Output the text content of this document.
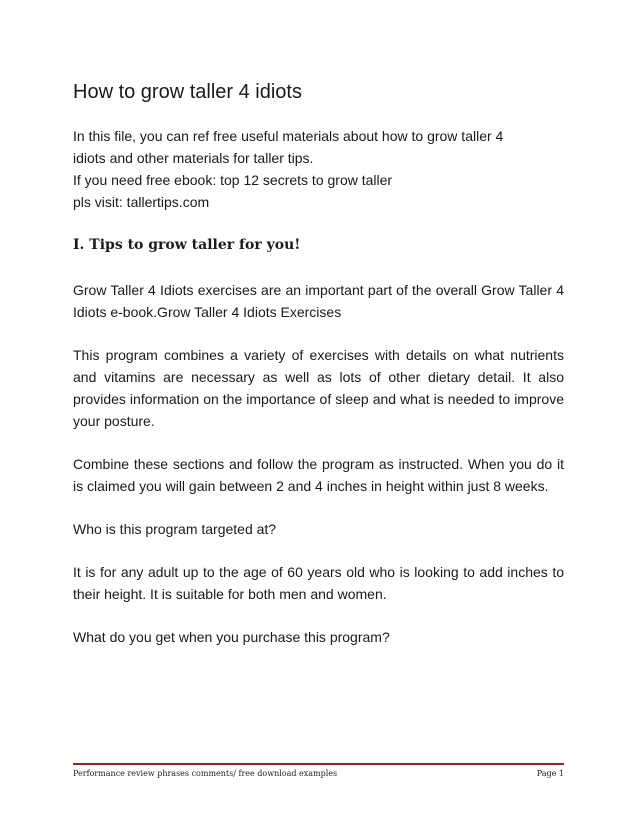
How to grow taller 4 idiots

In this file, you can ref free useful materials about how to grow taller 4
idiots and other materials for taller tips.
If you need free ebook: top 12 secrets to grow taller
pls visit: tallertips.com

I. Tips to grow taller for you!

Grow Taller 4 Idiots exercises are an important part of the overall Grow Taller 4 Idiots e-book.Grow Taller 4 Idiots Exercises

This program combines a variety of exercises with details on what nutrients and vitamins are necessary as well as lots of other dietary detail. It also provides information on the importance of sleep and what is needed to improve your posture.

Combine these sections and follow the program as instructed. When you do it is claimed you will gain between 2 and 4 inches in height within just 8 weeks.

Who is this program targeted at?

It is for any adult up to the age of 60 years old who is looking to add inches to their height. It is suitable for both men and women.

What do you get when you purchase this program?

Performance review phrases comments/ free download examples	Page 1
